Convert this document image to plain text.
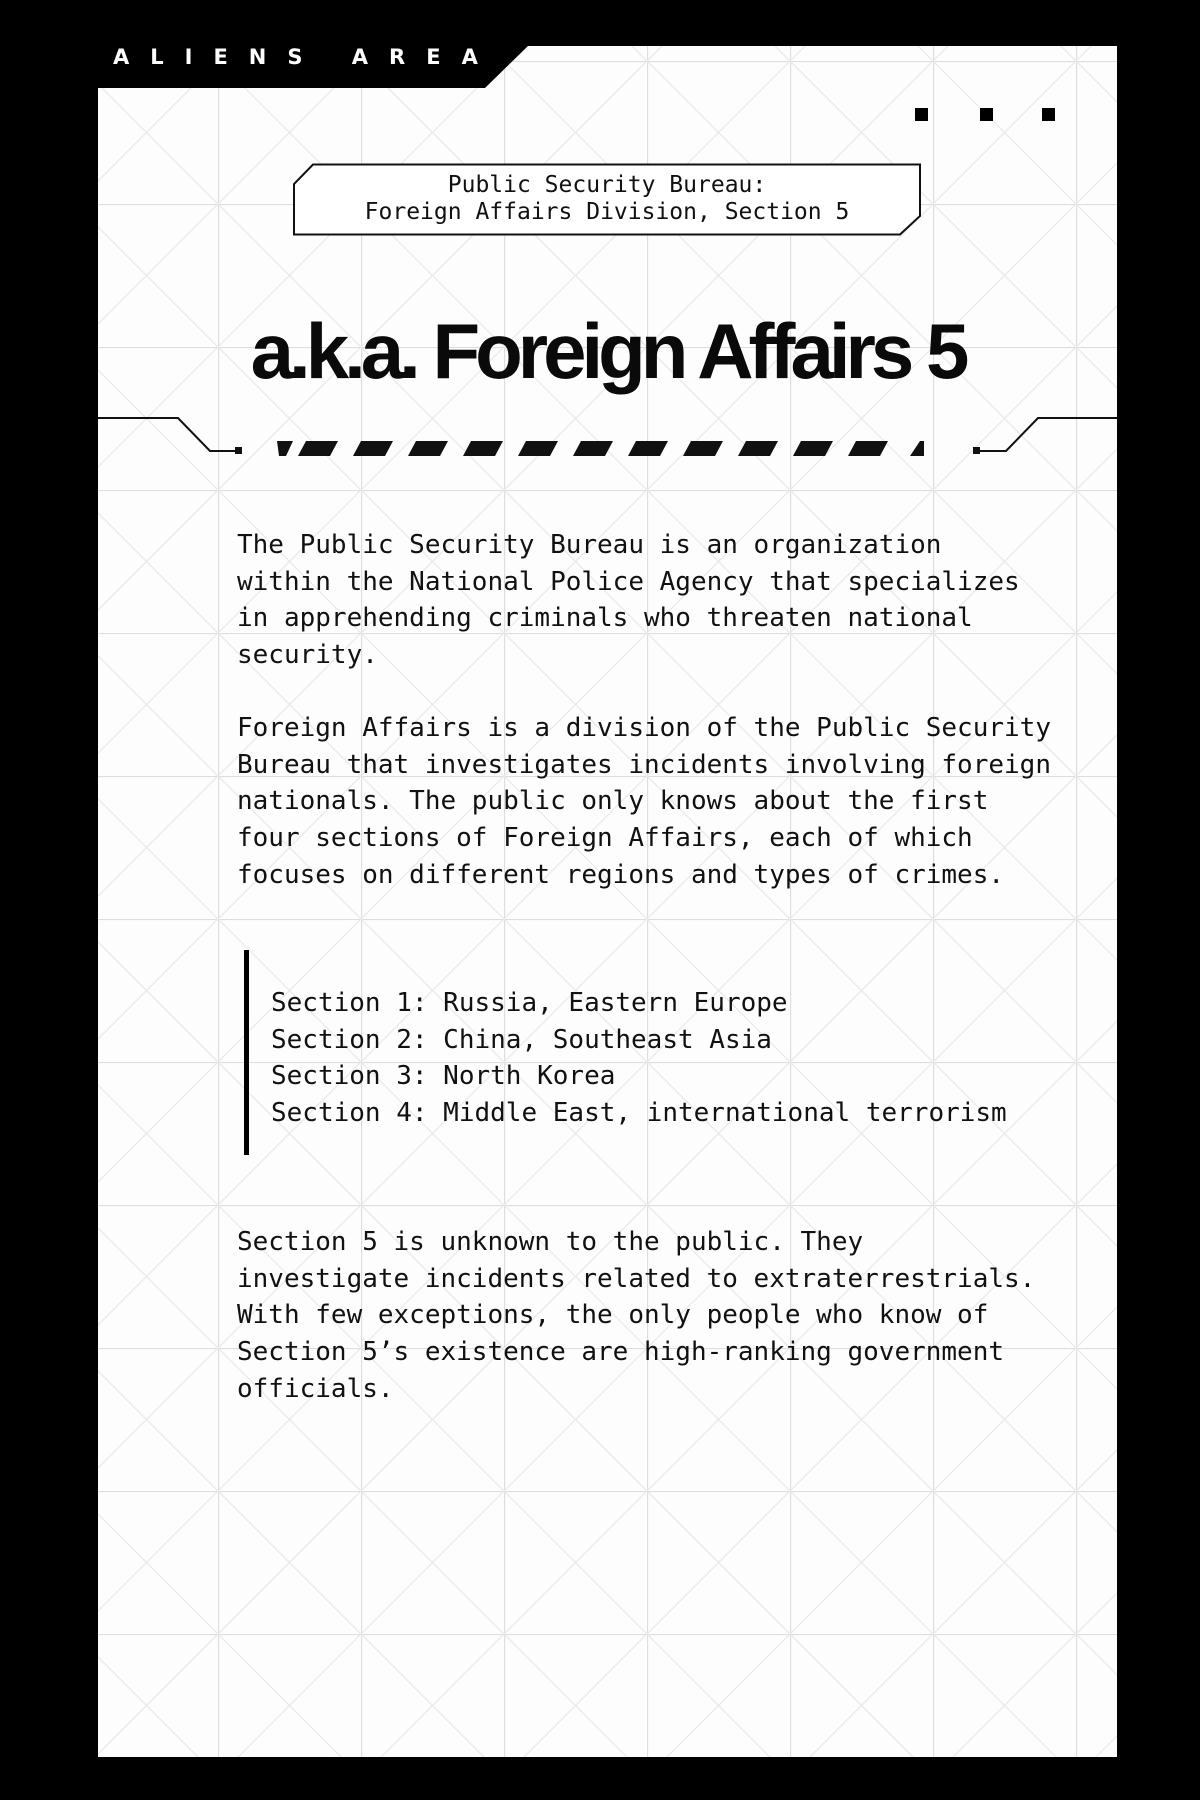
ALIENS AREA
Public Security Bureau:
Foreign Affairs Division, Section 5
a.k.a. Foreign Affairs 5

The Public Security Bureau is an organization
within the National Police Agency that specializes
in apprehending criminals who threaten national
security.

Foreign Affairs is a division of the Public Security
Bureau that investigates incidents involving foreign
nationals. The public only knows about the first
four sections of Foreign Affairs, each of which
focuses on different regions and types of crimes.

Section 1: Russia, Eastern Europe
Section 2: China, Southeast Asia
Section 3: North Korea
Section 4: Middle East, international terrorism

Section 5 is unknown to the public. They
investigate incidents related to extraterrestrials.
With few exceptions, the only people who know of
Section 5’s existence are high-ranking government
officials.
